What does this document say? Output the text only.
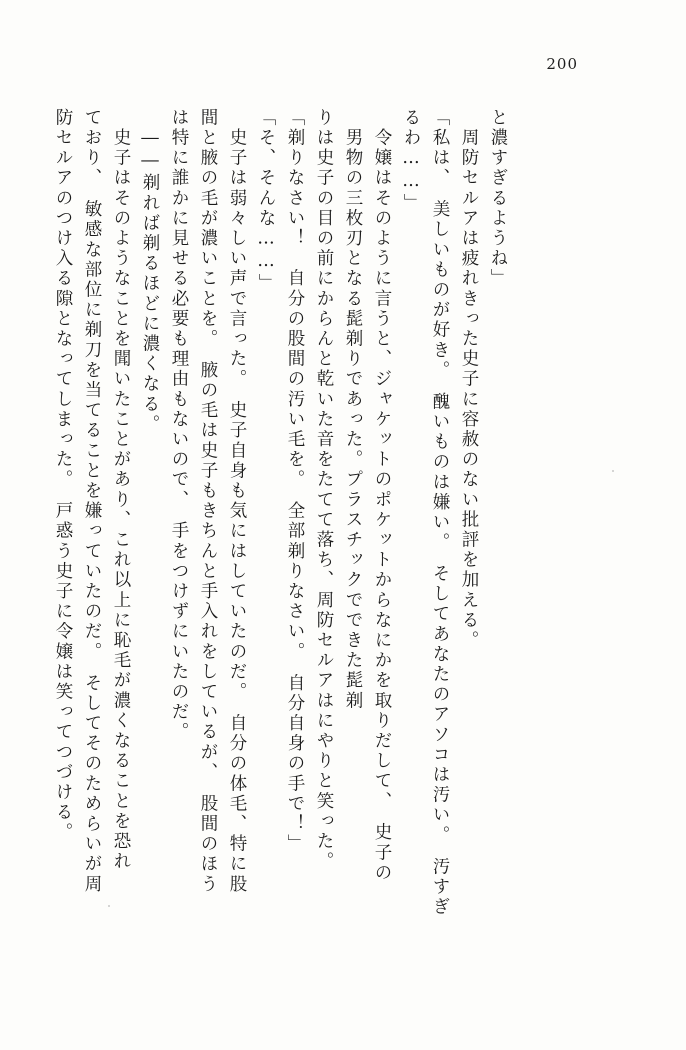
200
防セルアのつけ入る隙となってしまった。　戸惑う史子に令嬢は笑ってつづける。 ており、　敏感な部位に剃刀を当てることを嫌っていたのだ。　そしてそのためらいが周 　史子はそのようなことを聞いたことがあり、これ以上に恥毛が濃くなることを恐れ 　――剃れば剃るほどに濃くなる。 は特に誰かに見せる必要も理由もないので、　手をつけずにいたのだ。 間と腋の毛が濃いことを。　腋の毛は史子もきちんと手入れをしているが、　股間のほう 　史子は弱々しい声で言った。　史子自身も気にはしていたのだ。　自分の体毛、特に股 「そ、そんな……」 「剃りなさい！　自分の股間の汚い毛を。　全部剃りなさい。　自分自身の手で！」 りは史子の目の前にからんと乾いた音をたてて落ち、周防セルアはにやりと笑った。 　男物の三枚刃となる髭剃りであった。プラスチックでできた髭剃 　令嬢はそのように言うと、ジャケットのポケットからなにかを取りだして、　史子の るわ……」 「私は、　美しいものが好き。　醜いものは嫌い。　そしてあなたのアソコは汚い。　汚すぎ 　周防セルアは疲れきった史子に容赦のない批評を加える。 と濃すぎるようね」
